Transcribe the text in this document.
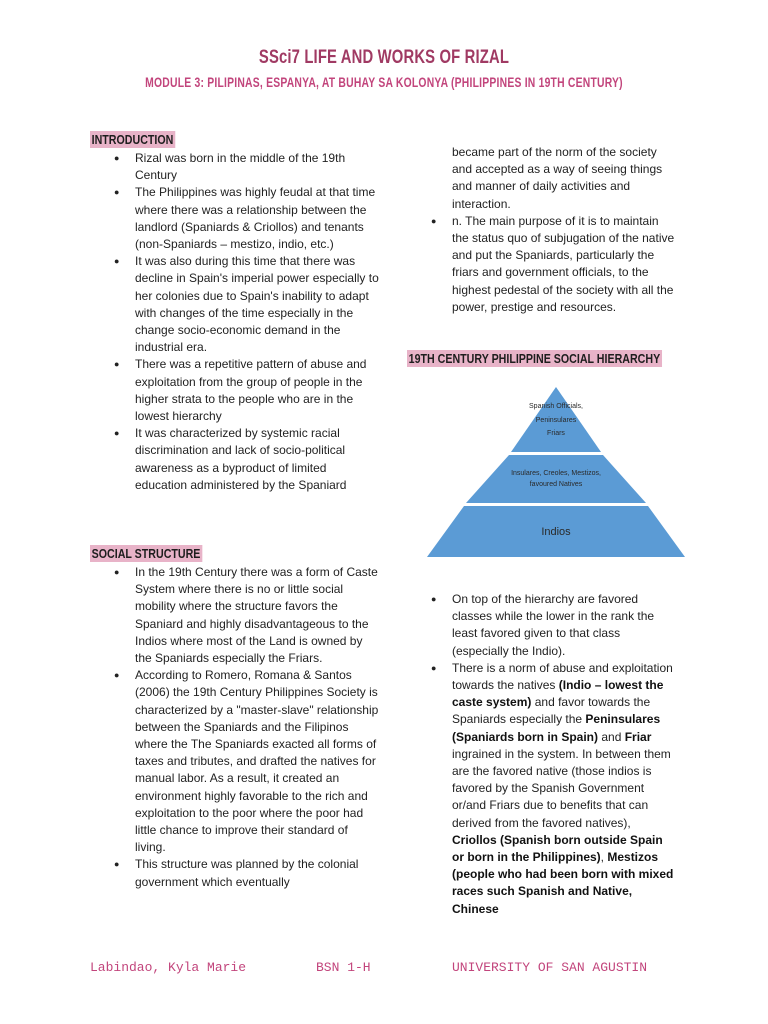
SSci7 LIFE AND WORKS OF RIZAL
MODULE 3: PILIPINAS, ESPANYA, AT BUHAY SA KOLONYA (PHILIPPINES IN 19TH CENTURY)
INTRODUCTION
● Rizal was born in the middle of the 19th Century
● The Philippines was highly feudal at that time where there was a relationship between the landlord (Spaniards & Criollos) and tenants (non-Spaniards – mestizo, indio, etc.)
● It was also during this time that there was decline in Spain's imperial power especially to her colonies due to Spain's inability to adapt with changes of the time especially in the change socio-economic demand in the industrial era.
● There was a repetitive pattern of abuse and exploitation from the group of people in the higher strata to the people who are in the lowest hierarchy
● It was characterized by systemic racial discrimination and lack of socio-political awareness as a byproduct of limited education administered by the Spaniard
SOCIAL STRUCTURE
● In the 19th Century there was a form of Caste System where there is no or little social mobility where the structure favors the Spaniard and highly disadvantageous to the Indios where most of the Land is owned by the Spaniards especially the Friars.
● According to Romero, Romana & Santos (2006) the 19th Century Philippines Society is characterized by a "master-slave" relationship between the Spaniards and the Filipinos where the The Spaniards exacted all forms of taxes and tributes, and drafted the natives for manual labor. As a result, it created an environment highly favorable to the rich and exploitation to the poor where the poor had little chance to improve their standard of living.
● This structure was planned by the colonial government which eventually

became part of the norm of the society and accepted as a way of seeing things and manner of daily activities and interaction.

● n. The main purpose of it is to maintain the status quo of subjugation of the native and put the Spaniards, particularly the friars and government officials, to the highest pedestal of the society with all the power, prestige and resources.
19TH CENTURY PHILIPPINE SOCIAL HIERARCHY
Spanish Officials,
Peninsulares
Friars
Insulares, Creoles, Mestizos,
favoured Natives
Indios
● On top of the hierarchy are favored classes while the lower in the rank the least favored given to that class (especially the Indio).
● There is a norm of abuse and exploitation towards the natives (Indio – lowest the caste system) and favor towards the Spaniards especially the Peninsulares (Spaniards born in Spain) and Friar ingrained in the system. In between them are the favored native (those indios is favored by the Spanish Government or/and Friars due to benefits that can derived from the favored natives), Criollos (Spanish born outside Spain or born in the Philippines), Mestizos (people who had been born with mixed races such Spanish and Native, Chinese
Labindao, Kyla Marie	BSN 1-H	UNIVERSITY OF SAN AGUSTIN
